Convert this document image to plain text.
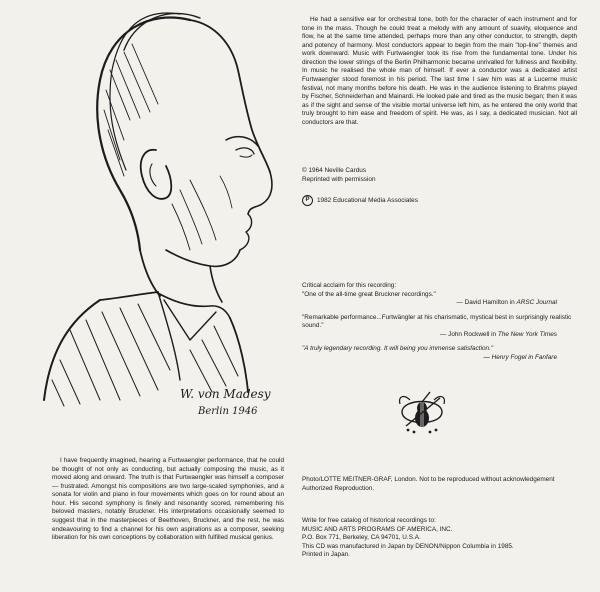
W. von Madesy
Berlin 1946
I have frequently imagined, hearing a Furtwaengler performance, that he could be thought of not only as conducting, but actually composing the music, as it moved along and onward. The truth is that Furtwaengler was himself a composer — frustrated. Amongst his compositions are two large-scaled symphonies, and a sonata for violin and piano in four movements which goes on for round about an hour. His second symphony is finely and resonantly scored, remembering his beloved masters, notably Bruckner. His interpretations occasionally seemed to suggest that in the masterpieces of Beethoven, Bruckner, and the rest, he was endeavouring to find a channel for his own aspirations as a composer, seeking liberation for his own conceptions by collaboration with fulfilled musical genius.
He had a sensitive ear for orchestral tone, both for the character of each instrument and for tone in the mass. Though he could treat a melody with any amount of suavity, eloquence and flow, he at the same time attended, perhaps more than any other conductor, to strength, depth and potency of harmony. Most conductors appear to begin from the main "top-line" themes and work downward. Music with Furtwaengler took its rise from the fundamental tone. Under his direction the lower strings of the Berlin Philharmonic became unrivalled for fullness and flexibility. In music he realised the whole man of himself. If ever a conductor was a dedicated artist Furtwaengler stood foremost in his period. The last time I saw him was at a Lucerne music festival, not many months before his death. He was in the audience listening to Brahms played by Fischer, Schneiderhan and Mainardi. He looked pale and tired as the music began; then it was as if the sight and sense of the visible mortal universe left him, as he entered the only world that truly brought to him ease and freedom of spirit. He was, as I say, a dedicated musician. Not all conductors are that.

© 1964 Neville Cardus

Reprinted with permission

P	1982 Educational Media Associates

Critical acclaim for this recording:

"One of the all-time great Bruckner recordings."

— David Hamilton in ARSC Journal

"Remarkable performance...Furtwängler at his charismatic, mystical best in surprisingly realistic sound."

— John Rockwell in The New York Times

"A truly legendary recording. It will being you immense satisfaction."

— Henry Fogel in Fanfare

Photo/LOTTE MEITNER-GRAF, London. Not to be reproduced without acknowledgement

Authorized Reproduction.

Write for free catalog of historical recordings to:

MUSIC AND ARTS PROGRAMS OF AMERICA, INC.

P.O. Box 771, Berkeley, CA 94701, U.S.A.

This CD was manufactured in Japan by DENON/Nippon Columbia in 1985.

Printed in Japan.
